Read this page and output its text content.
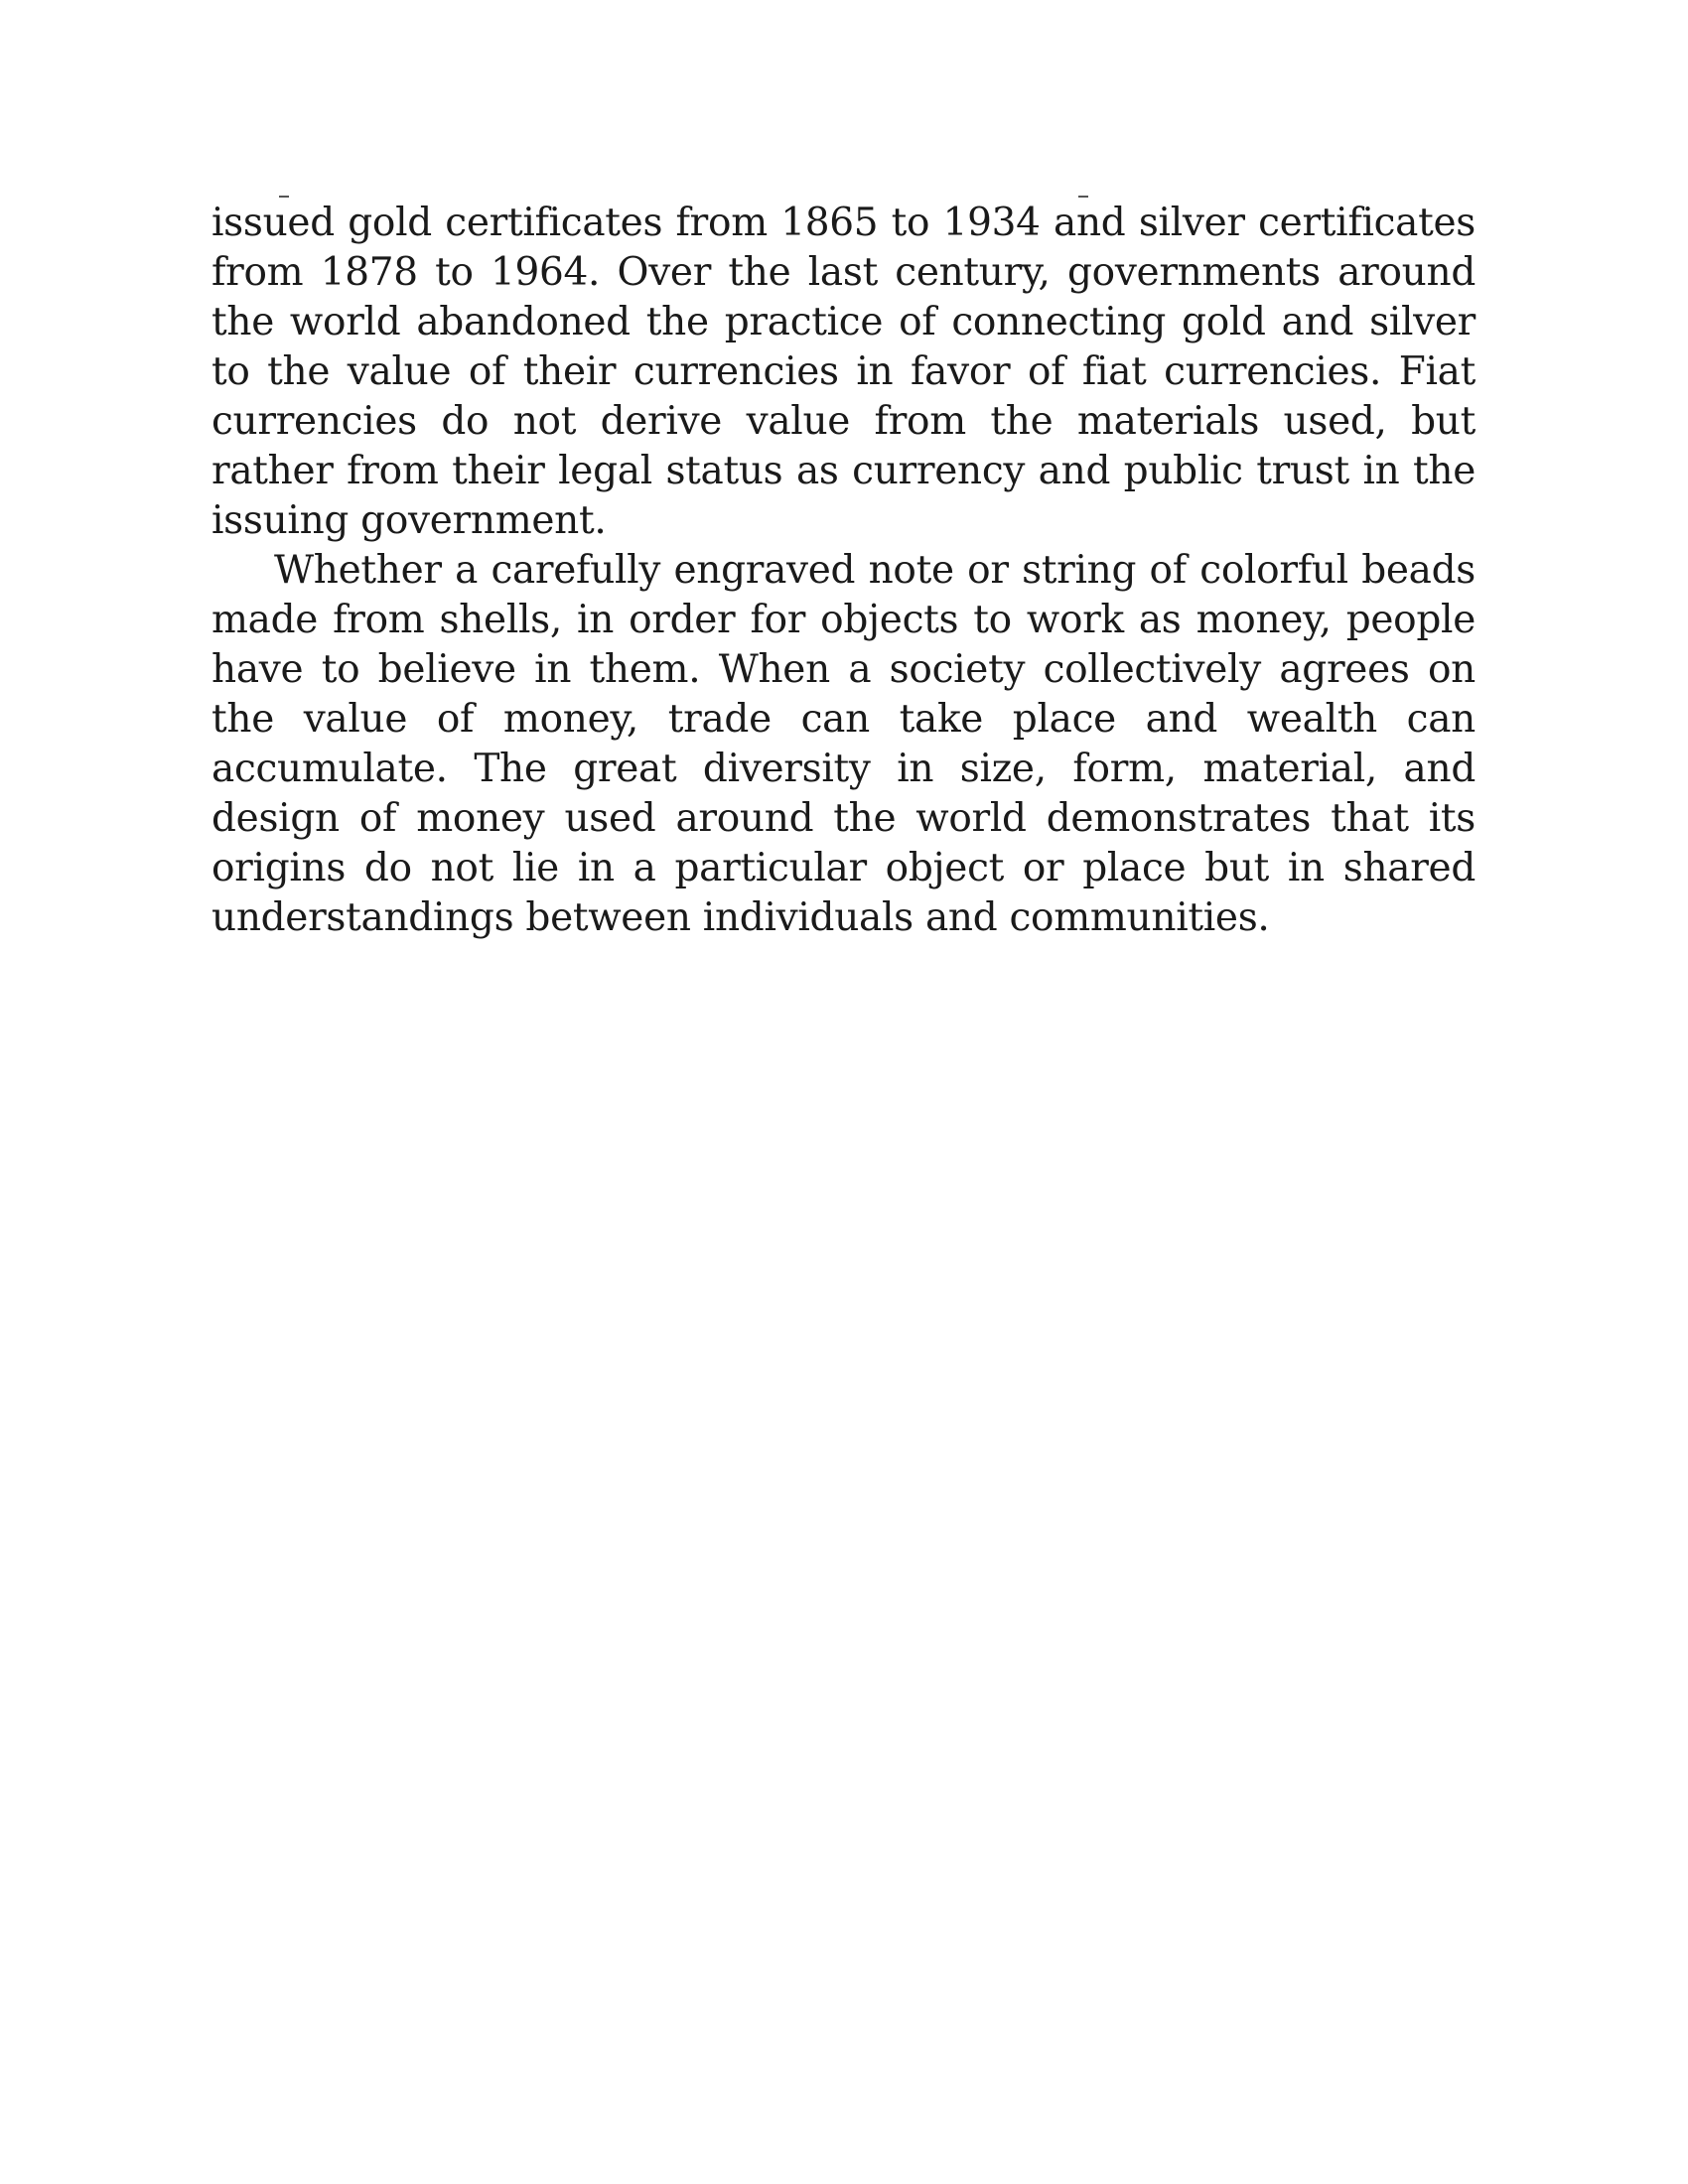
issued gold certificates from 1865 to 1934 and silver certificates from 1878 to 1964. Over the last century, governments around the world abandoned the practice of connecting gold and silver to the value of their currencies in favor of fiat currencies. Fiat currencies do not derive value from the materials used, but rather from their legal status as currency and public trust in the issuing government.

Whether a carefully engraved note or string of colorful beads made from shells, in order for objects to work as money, people have to believe in them. When a society collectively agrees on the value of money, trade can take place and wealth can accumulate. The great diversity in size, form, material, and design of money used around the world demonstrates that its origins do not lie in a particular object or place but in shared understandings between individuals and communities.
